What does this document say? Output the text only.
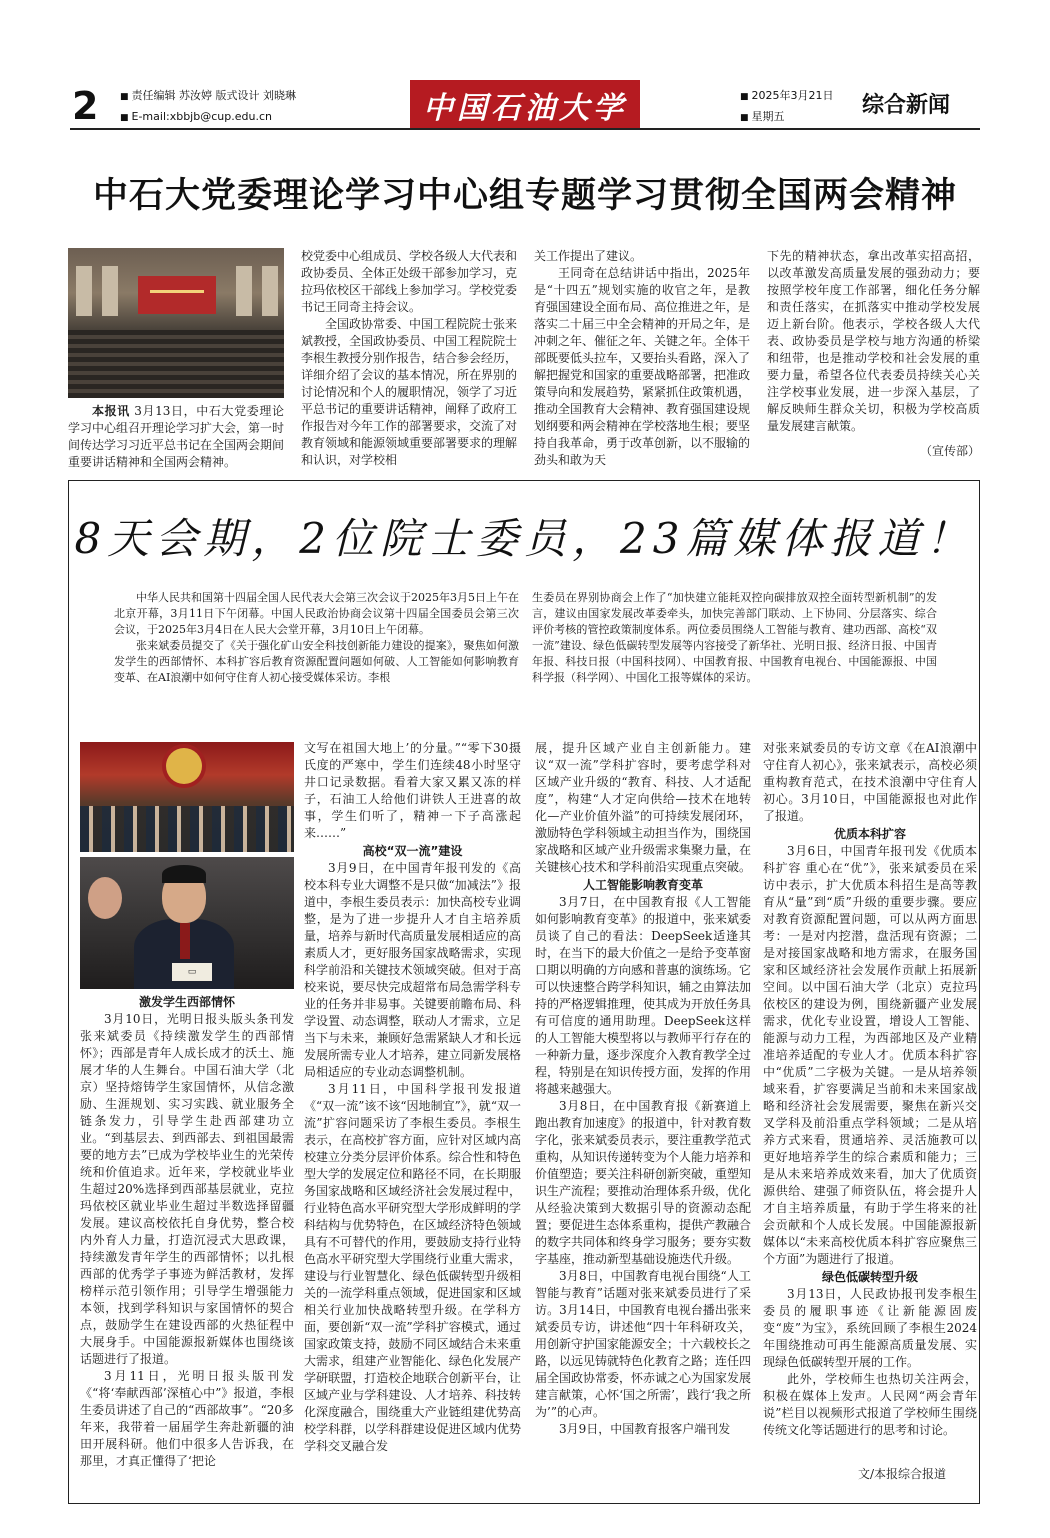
2	■ 责任编辑 苏汝婷 版式设计 刘晓琳
■ E-mail:xbbjb@cup.edu.cn	中国石油大学	■ 2025年3月21日
■ 星期五	综合新闻
中石大党委理论学习中心组专题学习贯彻全国两会精神

本报讯 3月13日，中石大党委理论学习中心组召开理论学习扩大会，第一时间传达学习习近平总书记在全国两会期间重要讲话精神和全国两会精神。

校党委中心组成员、学校各级人大代表和政协委员、全体正处级干部参加学习，克拉玛依校区干部线上参加学习。学校党委书记王同奇主持会议。

全国政协常委、中国工程院院士张来斌教授，全国政协委员、中国工程院院士李根生教授分别作报告，结合参会经历，详细介绍了会议的基本情况，所在界别的讨论情况和个人的履职情况，领学了习近平总书记的重要讲话精神，阐释了政府工作报告对今年工作的部署要求，交流了对教育领域和能源领域重要部署要求的理解和认识，对学校相

关工作提出了建议。

王同奇在总结讲话中指出，2025年是“十四五”规划实施的收官之年，是教育强国建设全面布局、高位推进之年，是落实二十届三中全会精神的开局之年，是冲刺之年、催征之年、关键之年。全体干部既要低头拉车，又要抬头看路，深入了解把握党和国家的重要战略部署，把准政策导向和发展趋势，紧紧抓住政策机遇，推动全国教育大会精神、教育强国建设规划纲要和两会精神在学校落地生根；要坚持自我革命，勇于改革创新，以不服输的劲头和敢为天

下先的精神状态，拿出改革实招高招，以改革激发高质量发展的强劲动力；要按照学校年度工作部署，细化任务分解和责任落实，在抓落实中推动学校发展迈上新台阶。他表示，学校各级人大代表、政协委员是学校与地方沟通的桥梁和纽带，也是推动学校和社会发展的重要力量，希望各位代表委员持续关心关注学校事业发展，进一步深入基层，了解反映师生群众关切，积极为学校高质量发展建言献策。

（宣传部）
8天会期，2位院士委员，23篇媒体报道！

中华人民共和国第十四届全国人民代表大会第三次会议于2025年3月5日上午在北京开幕，3月11日下午闭幕。中国人民政治协商会议第十四届全国委员会第三次会议，于2025年3月4日在人民大会堂开幕，3月10日上午闭幕。

张来斌委员提交了《关于强化矿山安全科技创新能力建设的提案》，聚焦如何激发学生的西部情怀、本科扩容后教育资源配置问题如何破、人工智能如何影响教育变革、在AI浪潮中如何守住育人初心接受媒体采访。李根

生委员在界别协商会上作了“加快建立能耗双控向碳排放双控全面转型新机制”的发言，建议由国家发展改革委牵头，加快完善部门联动、上下协同、分层落实、综合评价考核的管控政策制度体系。两位委员围绕人工智能与教育、建功西部、高校“双一流”建设、绿色低碳转型发展等内容接受了新华社、光明日报、经济日报、中国青年报、科技日报（中国科技网）、中国教育报、中国教育电视台、中国能源报、中国科学报（科学网）、中国化工报等媒体的采访。

▭
激发学生西部情怀

3月10日，光明日报头版头条刊发张来斌委员《持续激发学生的西部情怀》；西部是青年人成长成才的沃土、施展才华的人生舞台。中国石油大学（北京）坚持熔铸学生家国情怀，从信念激励、生涯规划、实习实践、就业服务全链条发力，引导学生赴西部建功立业。“到基层去、到西部去、到祖国最需要的地方去”已成为学校毕业生的光荣传统和价值追求。近年来，学校就业毕业生超过20%选择到西部基层就业，克拉玛依校区就业毕业生超过半数选择留疆发展。建议高校依托自身优势，整合校内外育人力量，打造沉浸式大思政课，持续激发青年学生的西部情怀；以扎根西部的优秀学子事迹为鲜活教材，发挥榜样示范引领作用；引导学生增强能力本领，找到学科知识与家国情怀的契合点，鼓励学生在建设西部的火热征程中大展身手。中国能源报新媒体也围绕该话题进行了报道。

3月11日，光明日报头版刊发《“将‘奉献西部’深植心中”》报道，李根生委员讲述了自己的“西部故事”。“20多年来，我带着一届届学生奔赴新疆的油田开展科研。他们中很多人告诉我，在那里，才真正懂得了‘把论

文写在祖国大地上’的分量。”“零下30摄氏度的严寒中，学生们连续48小时坚守井口记录数据。看着大家又累又冻的样子，石油工人给他们讲铁人王进喜的故事，学生们听了，精神一下子高涨起来……”

高校“双一流”建设

3月9日，在中国青年报刊发的《高校本科专业大调整不是只做“加减法”》报道中，李根生委员表示：加快高校专业调整，是为了进一步提升人才自主培养质量，培养与新时代高质量发展相适应的高素质人才，更好服务国家战略需求，实现科学前沿和关键技术领域突破。但对于高校来说，要尽快完成超常布局急需学科专业的任务并非易事。关键要前瞻布局、科学设置、动态调整，联动人才需求，立足当下与未来，兼顾好急需紧缺人才和长远发展所需专业人才培养，建立同新发展格局相适应的专业动态调整机制。

3月11日，中国科学报刊发报道《“双一流”该不该“因地制宜”》，就“双一流”扩容问题采访了李根生委员。李根生表示，在高校扩容方面，应针对区域内高校建立分类分层评价体系。综合性和特色型大学的发展定位和路径不同，在长期服务国家战略和区域经济社会发展过程中，行业特色高水平研究型大学形成鲜明的学科结构与优势特色，在区域经济特色领域具有不可替代的作用，要鼓励支持行业特色高水平研究型大学围绕行业重大需求，建设与行业智慧化、绿色低碳转型升级相关的一流学科重点领域，促进国家和区域相关行业加快战略转型升级。在学科方面，要创新“双一流”学科扩容模式，通过国家政策支持，鼓励不同区域结合未来重大需求，组建产业智能化、绿色化发展产学研联盟，打造校企地联合创新平台，让区域产业与学科建设、人才培养、科技转化深度融合，围绕重大产业链组建优势高校学科群，以学科群建设促进区域内优势学科交叉融合发

展，提升区域产业自主创新能力。建议“双一流”学科扩容时，要考虑学科对区域产业升级的“教育、科技、人才适配度”，构建“人才定向供给—技术在地转化—产业价值外溢”的可持续发展闭环，激励特色学科领域主动担当作为，围绕国家战略和区域产业升级需求集聚力量，在关键核心技术和学科前沿实现重点突破。

人工智能影响教育变革

3月7日，在中国教育报《人工智能如何影响教育变革》的报道中，张来斌委员谈了自己的看法：DeepSeek适逢其时，在当下的最大价值之一是给予变革窗口期以明确的方向感和普惠的演练场。它可以快速整合跨学科知识，辅之由算法加持的严格逻辑推理，使其成为开放任务具有可信度的通用助理。DeepSeek这样的人工智能大模型将以与教师平行存在的一种新力量，逐步深度介入教育教学全过程，特别是在知识传授方面，发挥的作用将越来越强大。

3月8日，在中国教育报《新赛道上跑出教育加速度》的报道中，针对教育数字化，张来斌委员表示，要注重教学范式重构，从知识传递转变为个人能力培养和价值塑造；要关注科研创新突破，重塑知识生产流程；要推动治理体系升级，优化从经验决策到大数据引导的资源动态配置；要促进生态体系重构，提供产教融合的数字共同体和终身学习服务；要夯实数字基座，推动新型基础设施迭代升级。

3月8日，中国教育电视台围绕“人工智能与教育”话题对张来斌委员进行了采访。3月14日，中国教育电视台播出张来斌委员专访，讲述他“四十年科研攻关，用创新守护国家能源安全；十六载校长之路，以远见铸就特色化教育之路；连任四届全国政协常委，怀赤诚之心为国家发展建言献策，心怀‘国之所需’，践行‘我之所为’”的心声。

3月9日，中国教育报客户端刊发

对张来斌委员的专访文章《在AI浪潮中守住育人初心》，张来斌表示，高校必须重构教育范式，在技术浪潮中守住育人初心。3月10日，中国能源报也对此作了报道。

优质本科扩容

3月6日，中国青年报刊发《优质本科扩容 重心在“优”》，张来斌委员在采访中表示，扩大优质本科招生是高等教育从“量”到“质”升级的重要步骤。要应对教育资源配置问题，可以从两方面思考：一是对内挖潜，盘活现有资源；二是对接国家战略和地方需求，在服务国家和区域经济社会发展作贡献上拓展新空间。以中国石油大学（北京）克拉玛依校区的建设为例，围绕新疆产业发展需求，优化专业设置，增设人工智能、能源与动力工程，为西部地区及产业精准培养适配的专业人才。优质本科扩容中“优质”二字极为关键。一是从培养领域来看，扩容要满足当前和未来国家战略和经济社会发展需要，聚焦在新兴交叉学科及前沿重点学科领域；二是从培养方式来看，贯通培养、灵活施教可以更好地培养学生的综合素质和能力；三是从未来培养成效来看，加大了优质资源供给、建强了师资队伍，将会提升人才自主培养质量，有助于学生将来的社会贡献和个人成长发展。中国能源报新媒体以“未来高校优质本科扩容应聚焦三个方面”为题进行了报道。

绿色低碳转型升级

3月13日，人民政协报刊发李根生委员的履职事迹《让新能源固废变“废”为宝》，系统回顾了李根生2024年围绕推动可再生能源高质量发展、实现绿色低碳转型开展的工作。

此外，学校师生也热切关注两会，积极在媒体上发声。人民网“两会青年说”栏目以视频形式报道了学校师生围绕传统文化等话题进行的思考和讨论。

文/本报综合报道
